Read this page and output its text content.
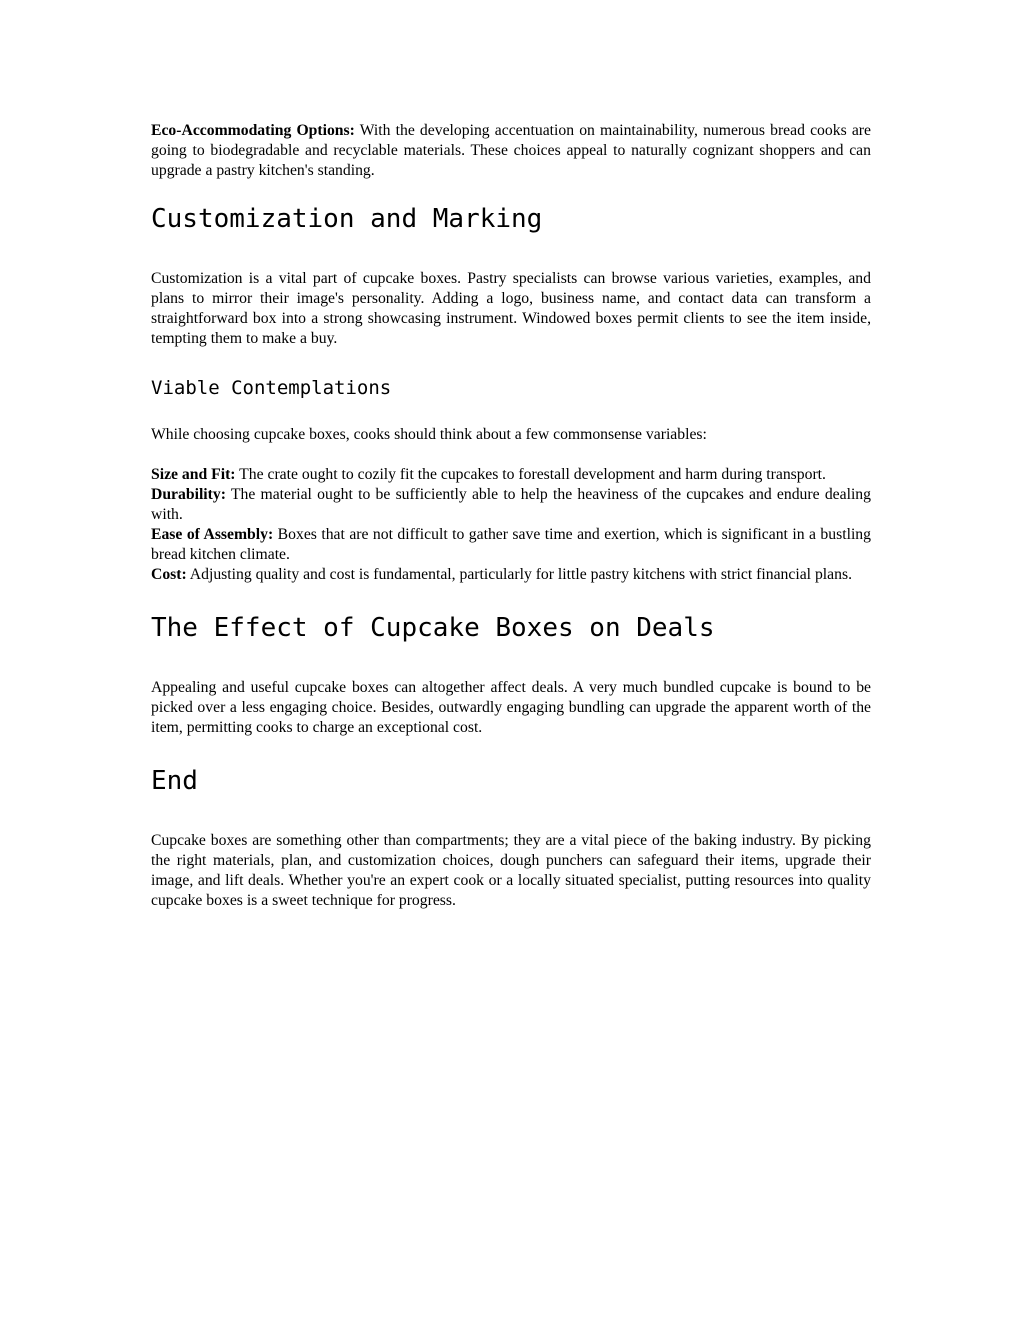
Eco-Accommodating Options: With the developing accentuation on maintainability, numerous bread cooks are going to biodegradable and recyclable materials. These choices appeal to naturally cognizant shoppers and can upgrade a pastry kitchen's standing.

Customization and Marking

Customization is a vital part of cupcake boxes. Pastry specialists can browse various varieties, examples, and plans to mirror their image's personality. Adding a logo, business name, and contact data can transform a straightforward box into a strong showcasing instrument. Windowed boxes permit clients to see the item inside, tempting them to make a buy.

Viable Contemplations

While choosing cupcake boxes, cooks should think about a few commonsense variables:

Size and Fit: The crate ought to cozily fit the cupcakes to forestall development and harm during transport.

Durability: The material ought to be sufficiently able to help the heaviness of the cupcakes and endure dealing with.

Ease of Assembly: Boxes that are not difficult to gather save time and exertion, which is significant in a bustling bread kitchen climate.

Cost: Adjusting quality and cost is fundamental, particularly for little pastry kitchens with strict financial plans.

The Effect of Cupcake Boxes on Deals

Appealing and useful cupcake boxes can altogether affect deals. A very much bundled cupcake is bound to be picked over a less engaging choice. Besides, outwardly engaging bundling can upgrade the apparent worth of the item, permitting cooks to charge an exceptional cost.

End

Cupcake boxes are something other than compartments; they are a vital piece of the baking industry. By picking the right materials, plan, and customization choices, dough punchers can safeguard their items, upgrade their image, and lift deals. Whether you're an expert cook or a locally situated specialist, putting resources into quality cupcake boxes is a sweet technique for progress.
